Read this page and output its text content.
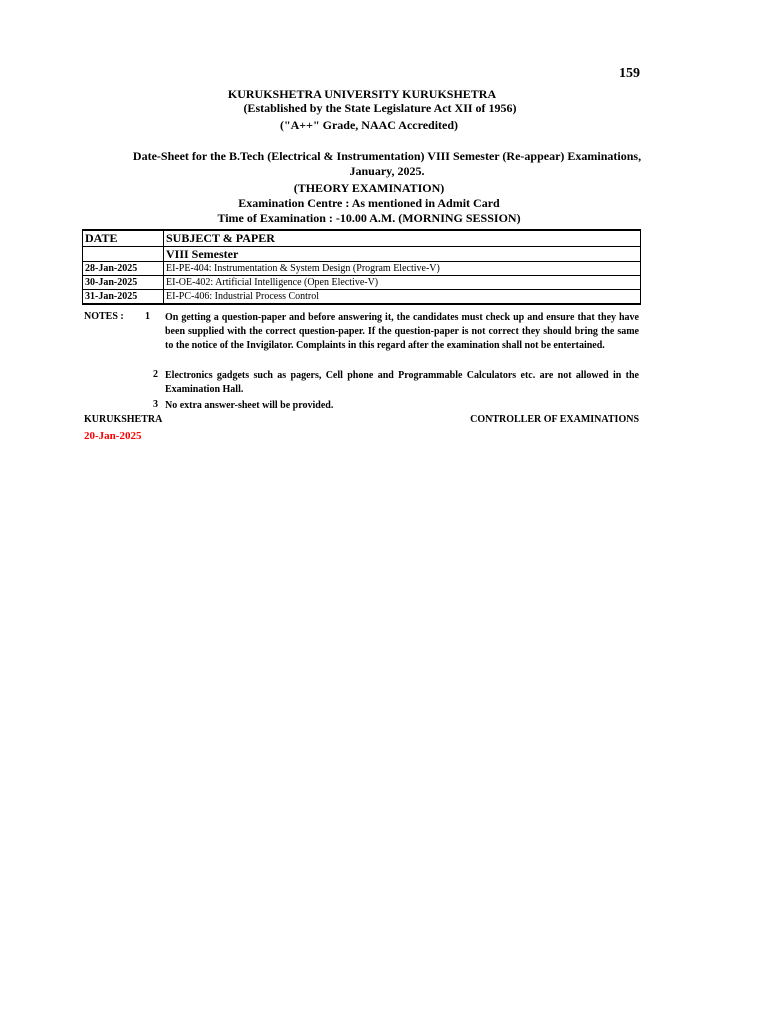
159
KURUKSHETRA UNIVERSITY KURUKSHETRA
(Established by the State Legislature Act XII of 1956)
("A++" Grade, NAAC Accredited)
Date-Sheet for the B.Tech (Electrical & Instrumentation) VIII Semester (Re-appear) Examinations,
January, 2025.
(THEORY EXAMINATION)
Examination Centre : As mentioned in Admit Card
Time of Examination : -10.00 A.M. (MORNING SESSION)
DATE	SUBJECT & PAPER
	VIII Semester
28-Jan-2025	EI-PE-404: Instrumentation & System Design (Program Elective-V)
30-Jan-2025	EI-OE-402: Artificial Intelligence (Open Elective-V)
31-Jan-2025	EI-PC-406: Industrial Process Control
NOTES :	1 On getting a question-paper and before answering it, the candidates must check up and ensure that they have been supplied with the correct question-paper. If the question-paper is not correct they should bring the same to the notice of the Invigilator. Complaints in this regard after the examination shall not be entertained.
2 Electronics gadgets such as pagers, Cell phone and Programmable Calculators etc. are not allowed in the Examination Hall.
3 No extra answer-sheet will be provided.
KURUKSHETRA
20-Jan-2025
CONTROLLER OF EXAMINATIONS
